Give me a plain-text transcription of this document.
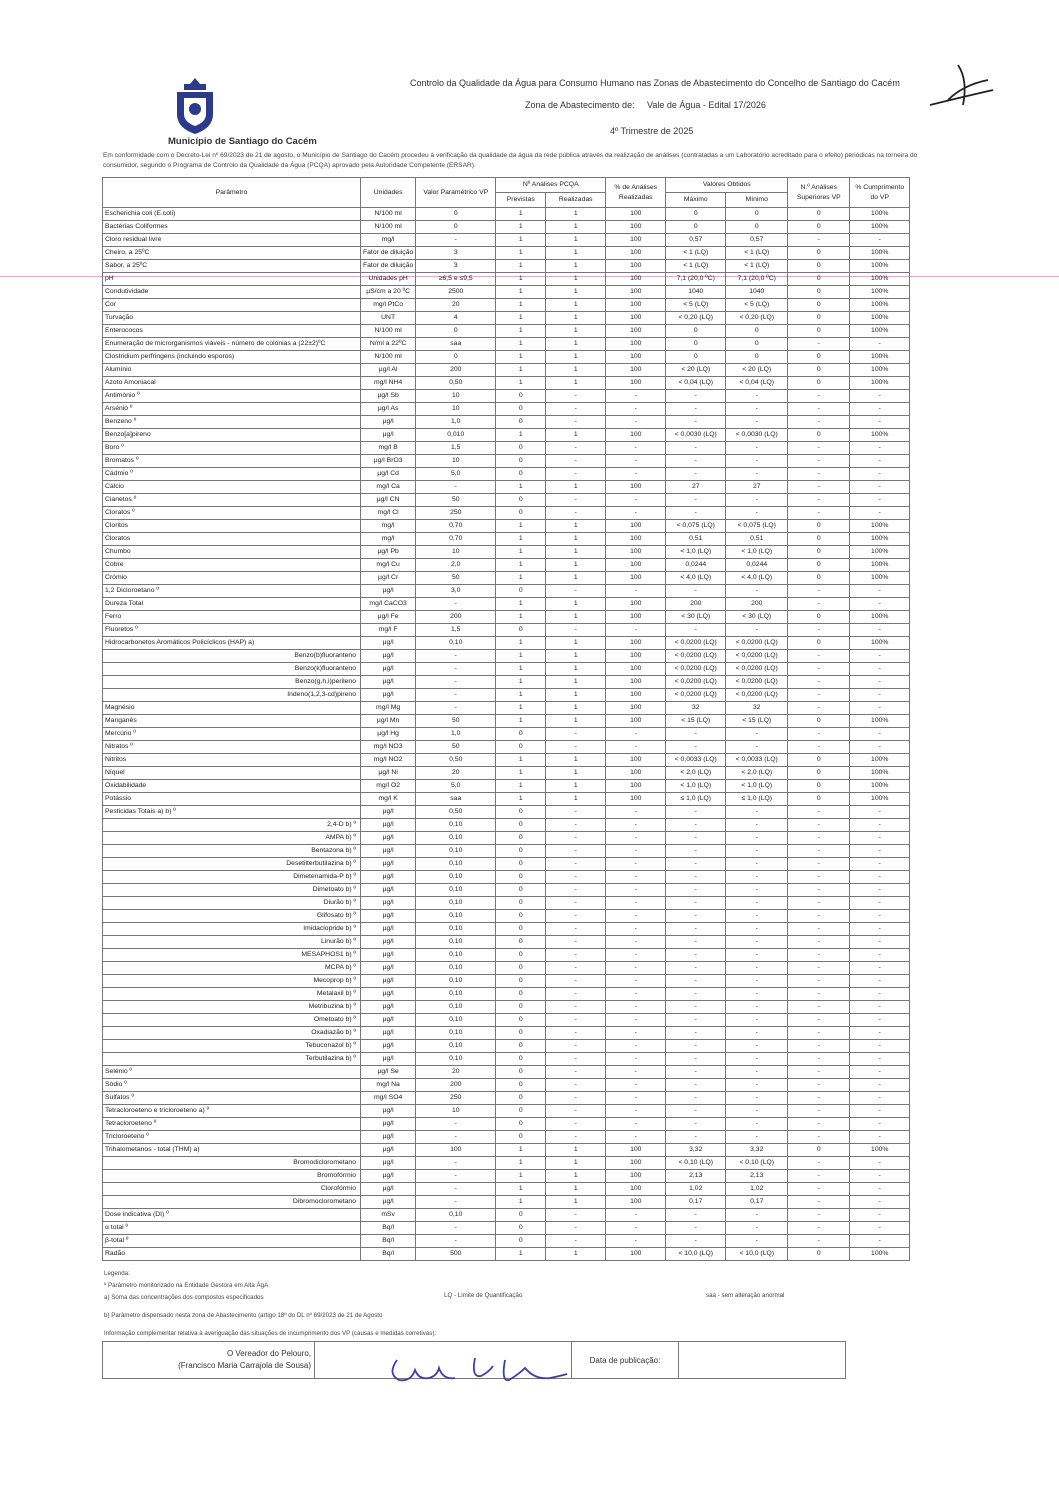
Controlo da Qualidade da Água para Consumo Humano nas Zonas de Abastecimento do Concelho de Santiago do Cacém
Zona de Abastecimento de: Vale de Água - Edital 17/2026
4º Trimestre de 2025
Município de Santiago do Cacém
Em conformidade com o Decreto-Lei nº 69/2023 de 21 de agosto, o Município de Santiago do Cacém procedeu à verificação da qualidade da água da rede pública através da realização de análises (contratadas a um Laboratório acreditado para o efeito) periódicas na torneira do consumidor, segundo o Programa de Controlo da Qualidade da Água (PCQA) aprovado pela Autoridade Competente (ERSAR).
Parâmetro	Unidades	Valor Paramétrico VP	Nº Análises PCQA		% de Análises Realizadas	Valores Obtidos		N.º Análises Superiores VP	% Cumprimento do VP
			Previstas	Realizadas		Máximo	Mínimo		
Escherichia coli (E.coli)	N/100 ml	0	1	1	100	0	0	0	100%
Bactérias Coliformes	N/100 ml	0	1	1	100	0	0	0	100%
Cloro residual livre	mg/l	-	1	1	100	0,57	0,57	-	-
Cheiro, a 25ºC	Fator de diluição	3	1	1	100	< 1 (LQ)	< 1 (LQ)	0	100%
Sabor, a 25ºC	Fator de diluição	3	1	1	100	< 1 (LQ)	< 1 (LQ)	0	100%
pH	Unidades pH	≥6,5 e ≤9,5	1	1	100	7,1 (20,0 ºC)	7,1 (20,0 ºC)	0	100%
Condutividade	µS/cm a 20 ºC	2500	1	1	100	1040	1040	0	100%
Cor	mg/l PtCo	20	1	1	100	< 5 (LQ)	< 5 (LQ)	0	100%
Turvação	UNT	4	1	1	100	< 0,20 (LQ)	< 0,20 (LQ)	0	100%
Enterococos	N/100 ml	0	1	1	100	0	0	0	100%
Enumeração de microrganismos viáveis - número de colónias a (22±2)ºC	N/ml a 22ºC	saa	1	1	100	0	0	-	-
Clostridium perfringens (incluindo esporos)	N/100 ml	0	1	1	100	0	0	0	100%
Alumínio	µg/l Al	200	1	1	100	< 20 (LQ)	< 20 (LQ)	0	100%
Azoto Amoniacal	mg/l NH4	0,50	1	1	100	< 0,04 (LQ)	< 0,04 (LQ)	0	100%
Antimónio º	µg/l Sb	10	0	-	-	-	-	-	-
Arsénio º	µg/l As	10	0	-	-	-	-	-	-
Benzeno º	µg/l	1,0	0	-	-	-	-	-	-
Benzo[a]pireno	µg/l	0,010	1	1	100	< 0,0030 (LQ)	< 0,0030 (LQ)	0	100%
Boro º	mg/l B	1,5	0	-	-	-	-	-	-
Bromatos º	µg/l BrO3	10	0	-	-	-	-	-	-
Cádmio º	µg/l Cd	5,0	0	-	-	-	-	-	-
Cálcio	mg/l Ca	-	1	1	100	27	27	-	-
Cianetos º	µg/l CN	50	0	-	-	-	-	-	-
Cloratos º	mg/l Cl	250	0	-	-	-	-	-	-
Cloritos	mg/l	0,70	1	1	100	< 0,075 (LQ)	< 0,075 (LQ)	0	100%
Cloratos	mg/l	0,70	1	1	100	0,51	0,51	0	100%
Chumbo	µg/l Pb	10	1	1	100	< 1,0 (LQ)	< 1,0 (LQ)	0	100%
Cobre	mg/l Cu	2,0	1	1	100	0,0244	0,0244	0	100%
Crómio	µg/l Cr	50	1	1	100	< 4,0 (LQ)	< 4,0 (LQ)	0	100%
1,2 Dicloroetano º	µg/l	3,0	0	-	-	-	-	-	-
Dureza Total	mg/l CaCO3	-	1	1	100	200	200	-	-
Ferro	µg/l Fe	200	1	1	100	< 30 (LQ)	< 30 (LQ)	0	100%
Fluoretos º	mg/l F	1,5	0	-	-	-	-	-	-
Hidrocarbonetos Aromáticos Policíclicos (HAP) a)	µg/l	0,10	1	1	100	< 0,0200 (LQ)	< 0,0200 (LQ)	0	100%
Benzo(b)fluoranteno	µg/l	-	1	1	100	< 0,0200 (LQ)	< 0,0200 (LQ)	-	-
Benzo(k)fluoranteno	µg/l	-	1	1	100	< 0,0200 (LQ)	< 0,0200 (LQ)	-	-
Benzo(g,h,i)perileno	µg/l	-	1	1	100	< 0,0200 (LQ)	< 0,0200 (LQ)	-	-
Indeno(1,2,3-cd)pireno	µg/l	-	1	1	100	< 0,0200 (LQ)	< 0,0200 (LQ)	-	-
Magnésio	mg/l Mg	-	1	1	100	32	32	-	-
Manganês	µg/l Mn	50	1	1	100	< 15 (LQ)	< 15 (LQ)	0	100%
Mercúrio º	µg/l Hg	1,0	0	-	-	-	-	-	-
Nitratos º	mg/l NO3	50	0	-	-	-	-	-	-
Nitritos	mg/l NO2	0,50	1	1	100	< 0,0033 (LQ)	< 0,0033 (LQ)	0	100%
Níquel	µg/l Ni	20	1	1	100	< 2,0 (LQ)	< 2,0 (LQ)	0	100%
Oxidabilidade	mg/l O2	5,0	1	1	100	< 1,0 (LQ)	< 1,0 (LQ)	0	100%
Potássio	mg/l K	saa	1	1	100	≤ 1,0 (LQ)	≤ 1,0 (LQ)	0	100%
Pesticidas Totais a) b) º	µg/l	0,50	0	-	-	-	-	-	-
2,4-D b) º	µg/l	0,10	0	-	-	-	-	-	-
AMPA b) º	µg/l	0,10	0	-	-	-	-	-	-
Bentazona b) º	µg/l	0,10	0	-	-	-	-	-	-
Desetilterbutilazina b) º	µg/l	0,10	0	-	-	-	-	-	-
Dimetenamida-P b) º	µg/l	0,10	0	-	-	-	-	-	-
Dimetoato b) º	µg/l	0,10	0	-	-	-	-	-	-
Diurão b) º	µg/l	0,10	0	-	-	-	-	-	-
Glifosato b) º	µg/l	0,10	0	-	-	-	-	-	-
Imidaclopride b) º	µg/l	0,10	0	-	-	-	-	-	-
Linurão b) º	µg/l	0,10	0	-	-	-	-	-	-
MESAPHOS1 b) º	µg/l	0,10	0	-	-	-	-	-	-
MCPA b) º	µg/l	0,10	0	-	-	-	-	-	-
Mecoprop b) º	µg/l	0,10	0	-	-	-	-	-	-
Metalaxil b) º	µg/l	0,10	0	-	-	-	-	-	-
Metribuzina b) º	µg/l	0,10	0	-	-	-	-	-	-
Ometoato b) º	µg/l	0,10	0	-	-	-	-	-	-
Oxadiazão b) º	µg/l	0,10	0	-	-	-	-	-	-
Tebuconazol b) º	µg/l	0,10	0	-	-	-	-	-	-
Terbutilazina b) º	µg/l	0,10	0	-	-	-	-	-	-
Selénio º	µg/l Se	20	0	-	-	-	-	-	-
Sódio º	mg/l Na	200	0	-	-	-	-	-	-
Sulfatos º	mg/l SO4	250	0	-	-	-	-	-	-
Tetracloroeteno e tricloroeteno a) º	µg/l	10	0	-	-	-	-	-	-
Tetracloroeteno º	µg/l	-	0	-	-	-	-	-	-
Tricloroeteno º	µg/l	-	0	-	-	-	-	-	-
Trihalometanos - total (THM) a)	µg/l	100	1	1	100	3,32	3,32	0	100%
Bromodiclorometano	µg/l	-	1	1	100	< 0,10 (LQ)	< 0,10 (LQ)	-	-
Bromofórmio	µg/l	-	1	1	100	2,13	2,13	-	-
Clorofórmio	µg/l	-	1	1	100	1,02	1,02	-	-
Dibromoclorometano	µg/l	-	1	1	100	0,17	0,17	-	-
Dose indicativa (DI) º	mSv	0,10	0	-	-	-	-	-	-
α total º	Bq/l	-	0	-	-	-	-	-	-
β-total º	Bq/l	-	0	-	-	-	-	-	-
Radão	Bq/l	500	1	1	100	< 10,0 (LQ)	< 10,0 (LQ)	0	100%
Legenda:
º Parâmetro monitorizado na Entidade Gestora em Alta ÁgA
a) Soma das concentrações dos compostos especificados	LQ - Limite de Quantificação	saa - sem alteração anormal
b) Parâmetro dispensado nesta zona de Abastecimento (artigo 18º do DL nº 69/2023 de 21 de Agosto
Informação complementar relativa à averiguação das situações de incumprimento dos VP (causas e medidas corretivas):
O Vereador do Pelouro,
(Francisco Maria Carrajola de Sousa)
		Data de publicação:	
